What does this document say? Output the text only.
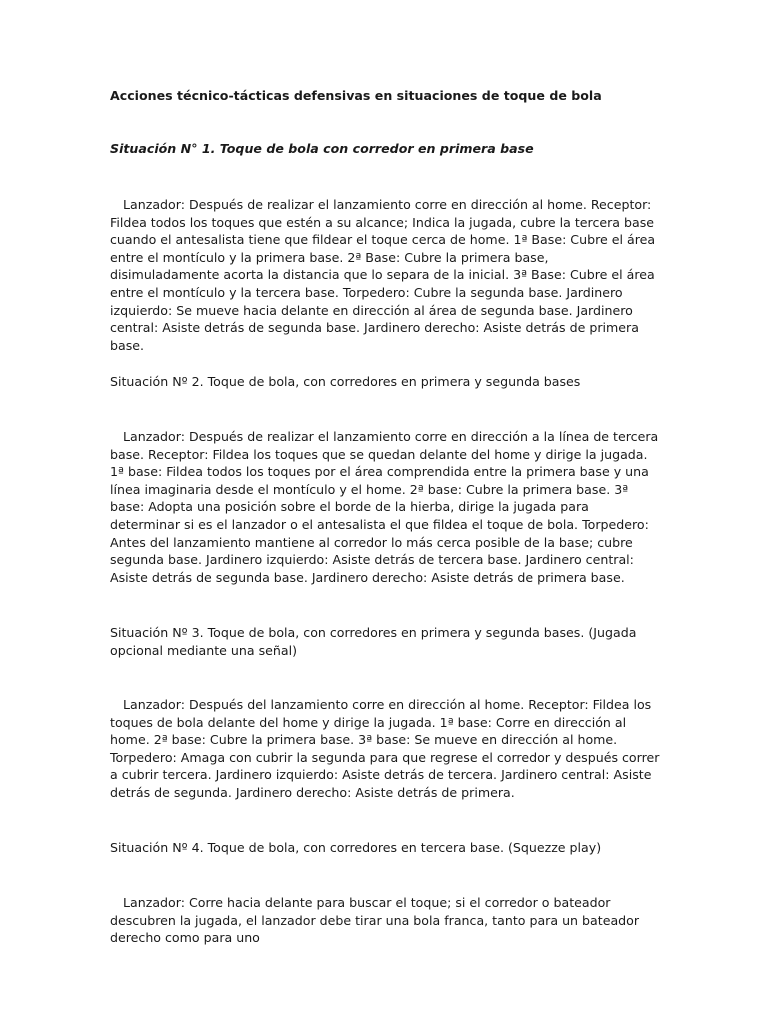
Acciones técnico-tácticas defensivas en situaciones de toque de bola

Situación N° 1. Toque de bola con corredor en primera base

Lanzador: Después de realizar el lanzamiento corre en dirección al home. Receptor: Fildea todos los toques que estén a su alcance; Indica la jugada, cubre la tercera base cuando el antesalista tiene que fildear el toque cerca de home. 1ª Base: Cubre el área entre el montículo y la primera base. 2ª Base: Cubre la primera base, disimuladamente acorta la distancia que lo separa de la inicial. 3ª Base: Cubre el área entre el montículo y la tercera base. Torpedero: Cubre la segunda base. Jardinero izquierdo: Se mueve hacia delante en dirección al área de segunda base. Jardinero central: Asiste detrás de segunda base. Jardinero derecho: Asiste detrás de primera base.

Situación Nº 2. Toque de bola, con corredores en primera y segunda bases

Lanzador: Después de realizar el lanzamiento corre en dirección a la línea de tercera base. Receptor: Fildea los toques que se quedan delante del home y dirige la jugada. 1ª base: Fildea todos los toques por el área comprendida entre la primera base y una línea imaginaria desde el montículo y el home. 2ª base: Cubre la primera base. 3ª base: Adopta una posición sobre el borde de la hierba, dirige la jugada para determinar si es el lanzador o el antesalista el que fildea el toque de bola. Torpedero: Antes del lanzamiento mantiene al corredor lo más cerca posible de la base; cubre segunda base. Jardinero izquierdo: Asiste detrás de tercera base. Jardinero central: Asiste detrás de segunda base. Jardinero derecho: Asiste detrás de primera base.

Situación Nº 3. Toque de bola, con corredores en primera y segunda bases. (Jugada opcional mediante una señal)

Lanzador: Después del lanzamiento corre en dirección al home. Receptor: Fildea los toques de bola delante del home y dirige la jugada. 1ª base: Corre en dirección al home. 2ª base: Cubre la primera base. 3ª base: Se mueve en dirección al home. Torpedero: Amaga con cubrir la segunda para que regrese el corredor y después correr a cubrir tercera. Jardinero izquierdo: Asiste detrás de tercera. Jardinero central: Asiste detrás de segunda. Jardinero derecho: Asiste detrás de primera.

Situación Nº 4. Toque de bola, con corredores en tercera base. (Squezze play)

Lanzador: Corre hacia delante para buscar el toque; si el corredor o bateador descubren la jugada, el lanzador debe tirar una bola franca, tanto para un bateador derecho como para uno
